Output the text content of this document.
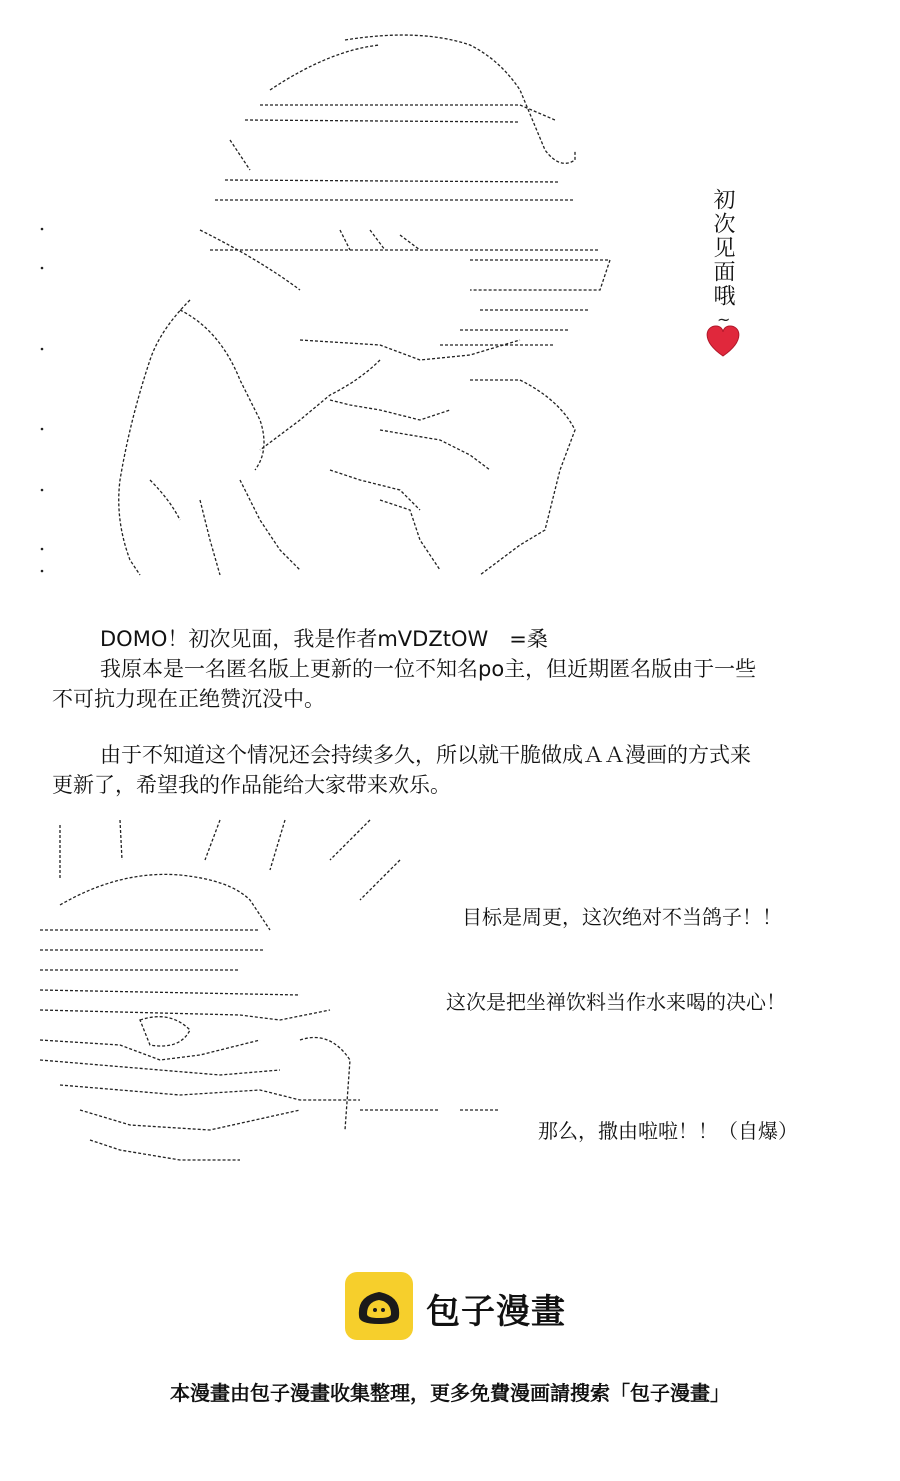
初次见面哦
~
DOMO！初次见面，我是作者mVDZtOW　=桑
我原本是一名匿名版上更新的一位不知名po主，但近期匿名版由于一些
不可抗力现在正绝赞沉没中。
由于不知道这个情况还会持续多久，所以就干脆做成ＡＡ漫画的方式来
更新了，希望我的作品能给大家带来欢乐。
目标是周更，这次绝对不当鸽子！！
这次是把坐禅饮料当作水来喝的决心！
那么，撒由啦啦！！（自爆）
包子漫畫
本漫畫由包子漫畫收集整理，更多免費漫画請搜索「包子漫畫」
